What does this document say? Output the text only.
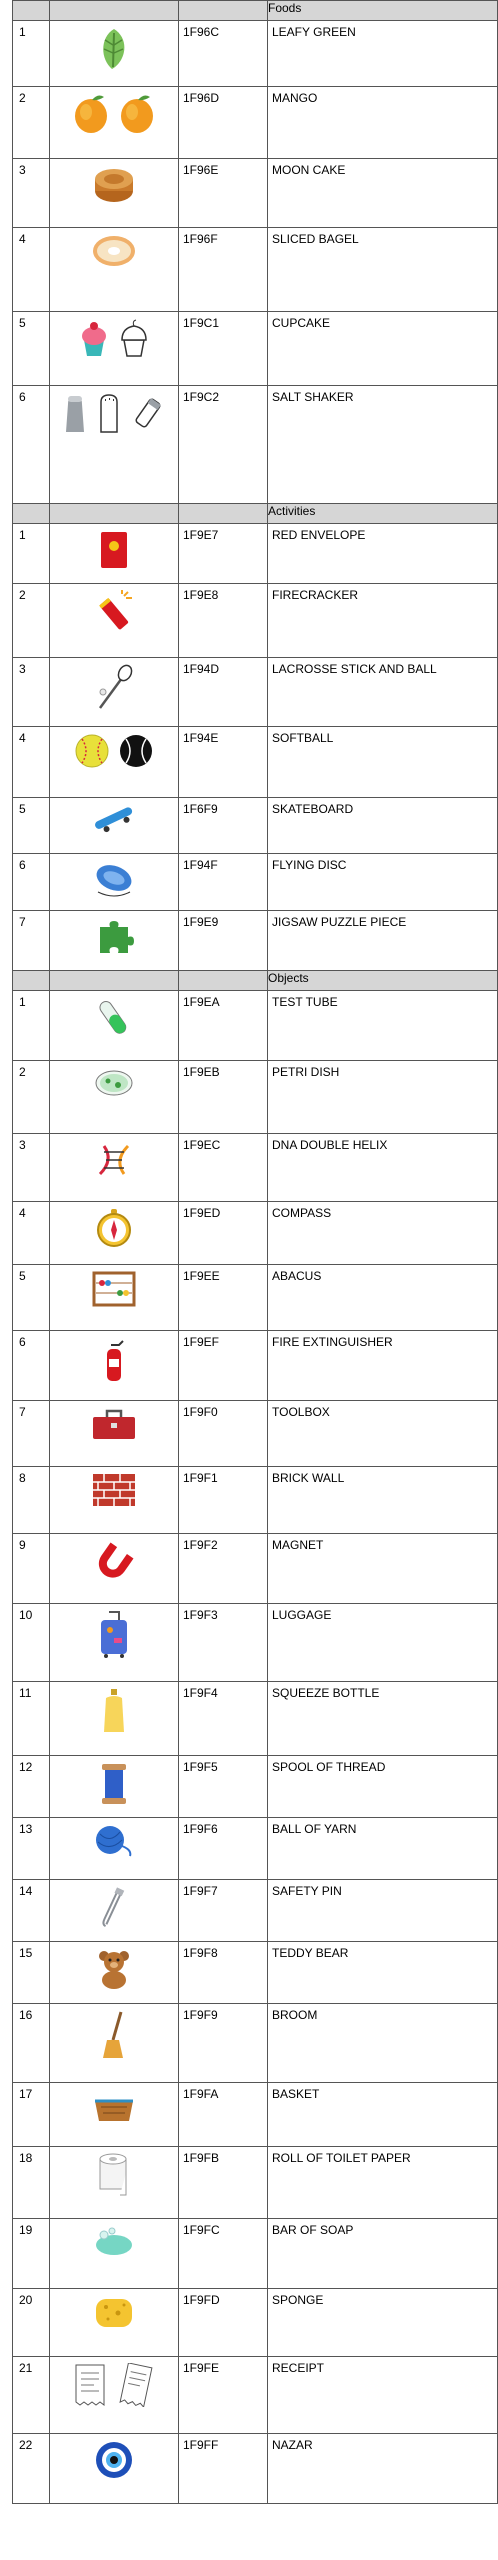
			Foods
1		1F96C	LEAFY GREEN
2		1F96D	MANGO
3		1F96E	MOON CAKE
4		1F96F	SLICED BAGEL
5		1F9C1	CUPCAKE
6		1F9C2	SALT SHAKER
			Activities
1		1F9E7	RED ENVELOPE
2		1F9E8	FIRECRACKER
3		1F94D	LACROSSE STICK AND BALL
4		1F94E	SOFTBALL
5		1F6F9	SKATEBOARD
6		1F94F	FLYING DISC
7		1F9E9	JIGSAW PUZZLE PIECE
			Objects
1		1F9EA	TEST TUBE
2		1F9EB	PETRI DISH
3		1F9EC	DNA DOUBLE HELIX
4		1F9ED	COMPASS
5		1F9EE	ABACUS
6		1F9EF	FIRE EXTINGUISHER
7		1F9F0	TOOLBOX
8		1F9F1	BRICK WALL
9		1F9F2	MAGNET
10		1F9F3	LUGGAGE
11		1F9F4	SQUEEZE BOTTLE
12		1F9F5	SPOOL OF THREAD
13		1F9F6	BALL OF YARN
14		1F9F7	SAFETY PIN
15		1F9F8	TEDDY BEAR
16		1F9F9	BROOM
17		1F9FA	BASKET
18		1F9FB	ROLL OF TOILET PAPER
19		1F9FC	BAR OF SOAP
20		1F9FD	SPONGE
21		1F9FE	RECEIPT
22		1F9FF	NAZAR
